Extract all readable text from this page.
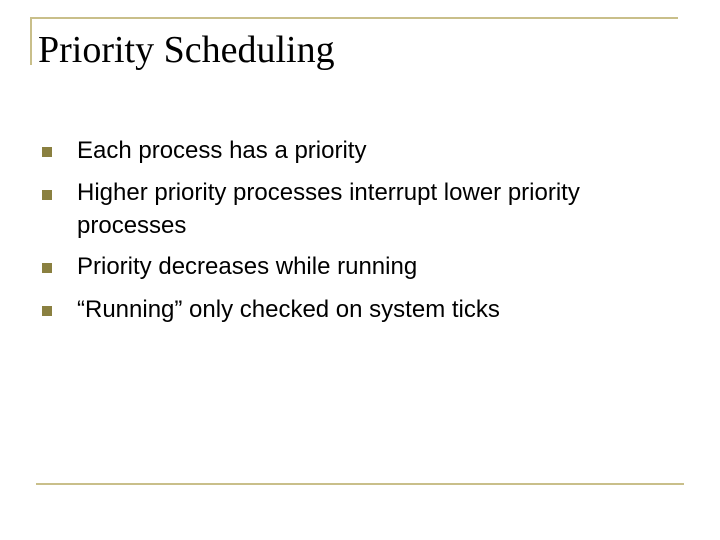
Priority Scheduling
Each process has a priority
Higher priority processes interrupt lower priority processes
Priority decreases while running
“Running” only checked on system ticks
